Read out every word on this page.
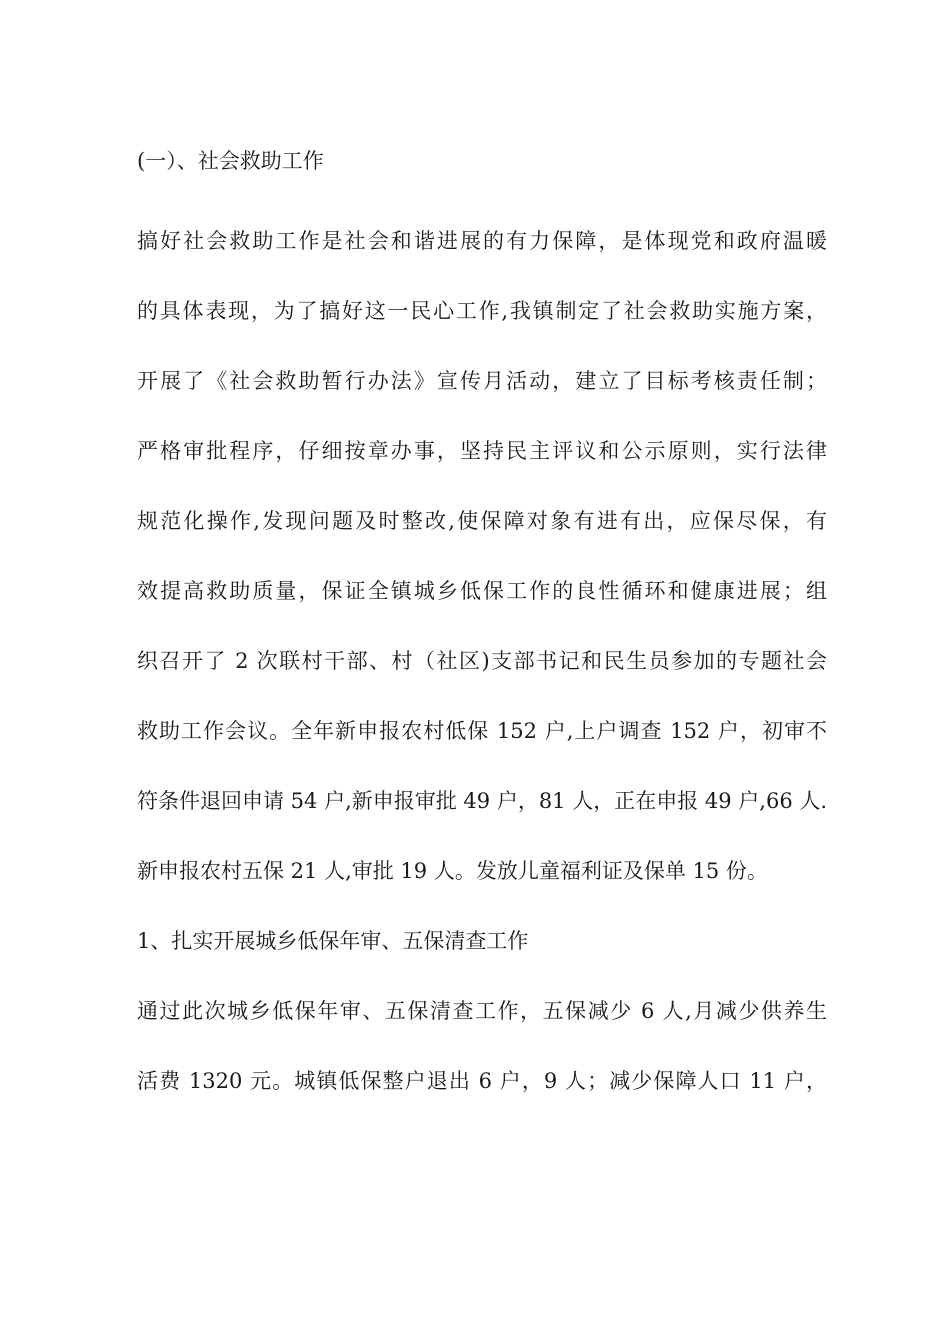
(一）、社会救助工作
搞好社会救助工作是社会和谐进展的有力保障，是体现党和政府温暖
的具体表现，为了搞好这一民心工作,我镇制定了社会救助实施方案，
开展了《社会救助暂行办法》宣传月活动，建立了目标考核责任制；
严格审批程序，仔细按章办事，坚持民主评议和公示原则，实行法律
规范化操作,发现问题及时整改,使保障对象有进有出，应保尽保，有
效提高救助质量，保证全镇城乡低保工作的良性循环和健康进展；组
织召开了 2 次联村干部、村（社区)支部书记和民生员参加的专题社会
救助工作会议。全年新申报农村低保 152 户,上户调查 152 户，初审不
符条件退回申请 54 户,新申报审批 49 户，81 人，正在申报 49 户,66 人.
新申报农村五保 21 人,审批 19 人。发放儿童福利证及保单 15 份。
1、扎实开展城乡低保年审、五保清查工作
通过此次城乡低保年审、五保清查工作，五保减少 6 人,月减少供养生
活费 1320 元。城镇低保整户退出 6 户，9 人；减少保障人口 11 户，
